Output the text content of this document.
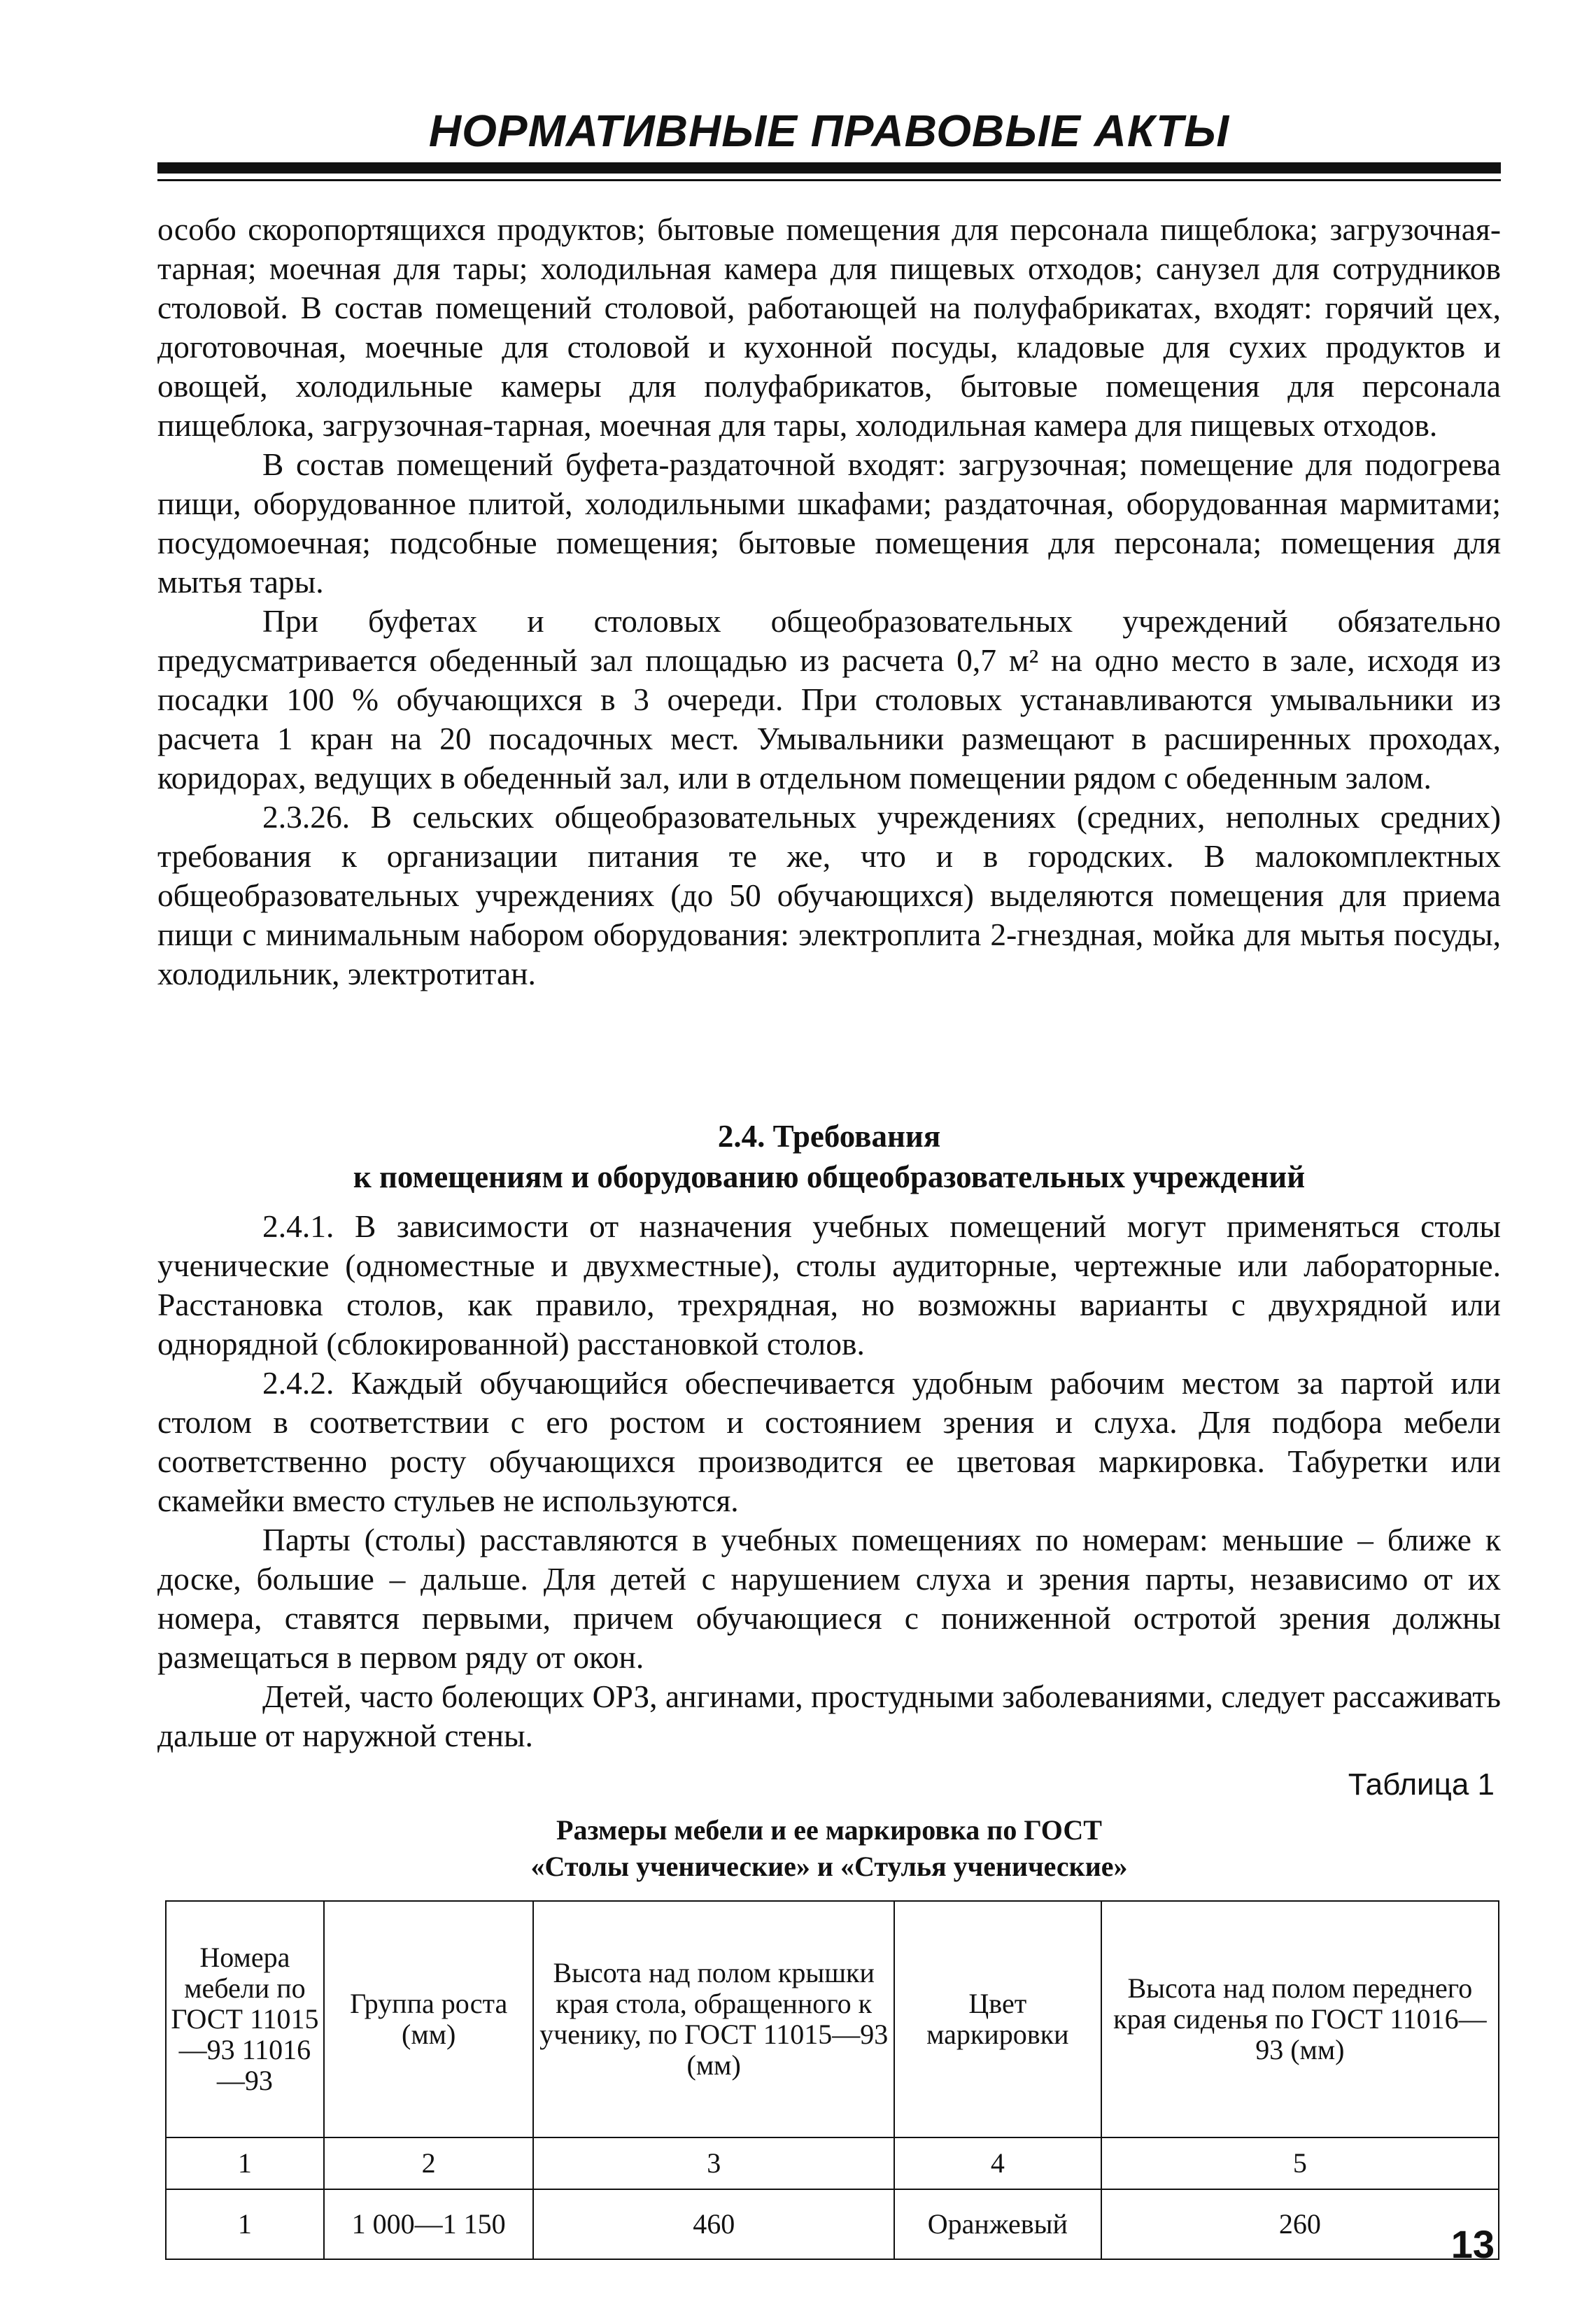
НОРМАТИВНЫЕ ПРАВОВЫЕ АКТЫ

особо скоропортящихся продуктов; бытовые помещения для персонала пищеблока; загрузочная-тарная; моечная для тары; холодильная камера для пищевых отходов; санузел для сотрудников столовой. В состав помещений столовой, работающей на полуфабрикатах, входят: горячий цех, доготовочная, моечные для столовой и кухонной посуды, кладовые для сухих продуктов и овощей, холодильные камеры для полуфабрикатов, бытовые помещения для персонала пищеблока, загрузочная-тарная, моечная для тары, холодильная камера для пищевых отходов.

В состав помещений буфета-раздаточной входят: загрузочная; помещение для подогрева пищи, оборудованное плитой, холодильными шкафами; раздаточная, оборудованная мармитами; посудомоечная; подсобные помещения; бытовые помещения для персонала; помещения для мытья тары.

При буфетах и столовых общеобразовательных учреждений обязательно предусматривается обеденный зал площадью из расчета 0,7 м² на одно место в зале, исходя из посадки 100 % обучающихся в 3 очереди. При столовых устанавливаются умывальники из расчета 1 кран на 20 посадочных мест. Умывальники размещают в расширенных проходах, коридорах, ведущих в обеденный зал, или в отдельном помещении рядом с обеденным залом.

2.3.26. В сельских общеобразовательных учреждениях (средних, неполных средних) требования к организации питания те же, что и в городских. В малокомплектных общеобразовательных учреждениях (до 50 обучающихся) выделяются помещения для приема пищи с минимальным набором оборудования: электроплита 2-гнездная, мойка для мытья посуды, холодильник, электротитан.

2.4. Требования
к помещениям и оборудованию общеобразовательных учреждений

2.4.1. В зависимости от назначения учебных помещений могут применяться столы ученические (одноместные и двухместные), столы аудиторные, чертежные или лабораторные. Расстановка столов, как правило, трехрядная, но возможны варианты с двухрядной или однорядной (сблокированной) расстановкой столов.

2.4.2. Каждый обучающийся обеспечивается удобным рабочим местом за партой или столом в соответствии с его ростом и состоянием зрения и слуха. Для подбора мебели соответственно росту обучающихся производится ее цветовая маркировка. Табуретки или скамейки вместо стульев не используются.

Парты (столы) расставляются в учебных помещениях по номерам: меньшие – ближе к доске, большие – дальше. Для детей с нарушением слуха и зрения парты, независимо от их номера, ставятся первыми, причем обучающиеся с пониженной остротой зрения должны размещаться в первом ряду от окон.

Детей, часто болеющих ОРЗ, ангинами, простудными заболеваниями, следует рассаживать дальше от наружной стены.

Таблица 1
Размеры мебели и ее маркировка по ГОСТ
«Столы ученические» и «Стулья ученические»
Номера мебели по ГОСТ 11015—93 11016—93	Группа роста (мм)	Высота над полом крышки края стола, обращенного к ученику, по ГОСТ 11015—93 (мм)	Цвет маркировки	Высота над полом переднего края сиденья по ГОСТ 11016—93 (мм)
1	2	3	4	5
1	1 000—1 150	460	Оранжевый	260	13
